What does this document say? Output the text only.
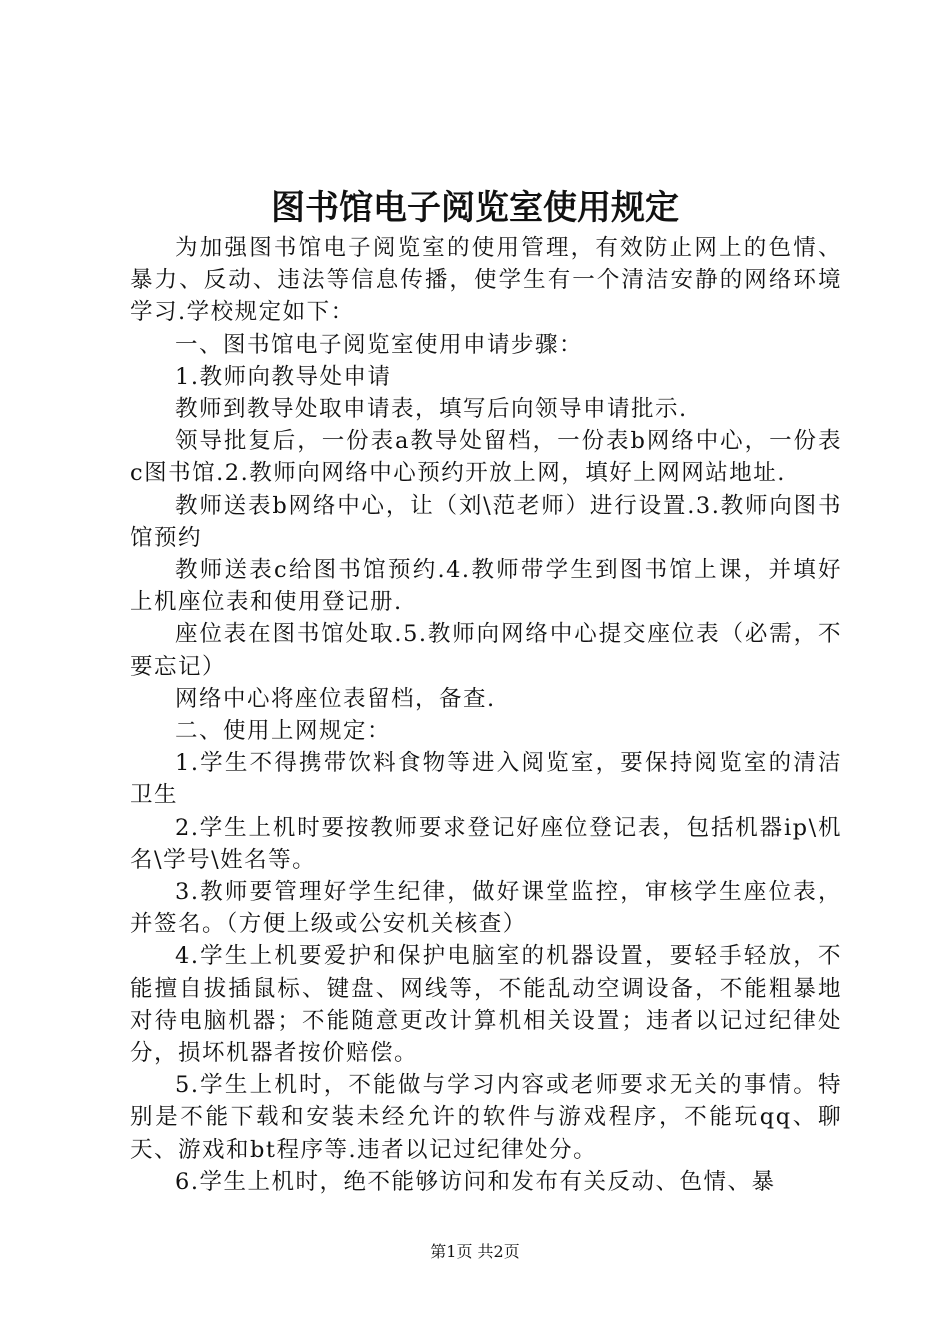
图书馆电子阅览室使用规定

为加强图书馆电子阅览室的使用管理，有效防止网上的色情、暴力、反动、违法等信息传播，使学生有一个清洁安静的网络环境学习.学校规定如下：

一、图书馆电子阅览室使用申请步骤：

1.教师向教导处申请

教师到教导处取申请表，填写后向领导申请批示.

领导批复后，一份表a教导处留档，一份表b网络中心，一份表c图书馆.2.教师向网络中心预约开放上网，填好上网网站地址.

教师送表b网络中心，让（刘\范老师）进行设置.3.教师向图书馆预约

教师送表c给图书馆预约.4.教师带学生到图书馆上课，并填好上机座位表和使用登记册.

座位表在图书馆处取.5.教师向网络中心提交座位表（必需，不要忘记）

网络中心将座位表留档，备查.

二、使用上网规定：

1.学生不得携带饮料食物等进入阅览室，要保持阅览室的清洁卫生

2.学生上机时要按教师要求登记好座位登记表，包括机器ip\机名\学号\姓名等。

3.教师要管理好学生纪律，做好课堂监控，审核学生座位表，并签名。（方便上级或公安机关核查）

4.学生上机要爱护和保护电脑室的机器设置，要轻手轻放，不能擅自拔插鼠标、键盘、网线等，不能乱动空调设备，不能粗暴地对待电脑机器；不能随意更改计算机相关设置；违者以记过纪律处分，损坏机器者按价赔偿。

5.学生上机时，不能做与学习内容或老师要求无关的事情。特别是不能下载和安装未经允许的软件与游戏程序，不能玩qq、聊天、游戏和bt程序等.违者以记过纪律处分。

6.学生上机时，绝不能够访问和发布有关反动、色情、暴

第1页 共2页
